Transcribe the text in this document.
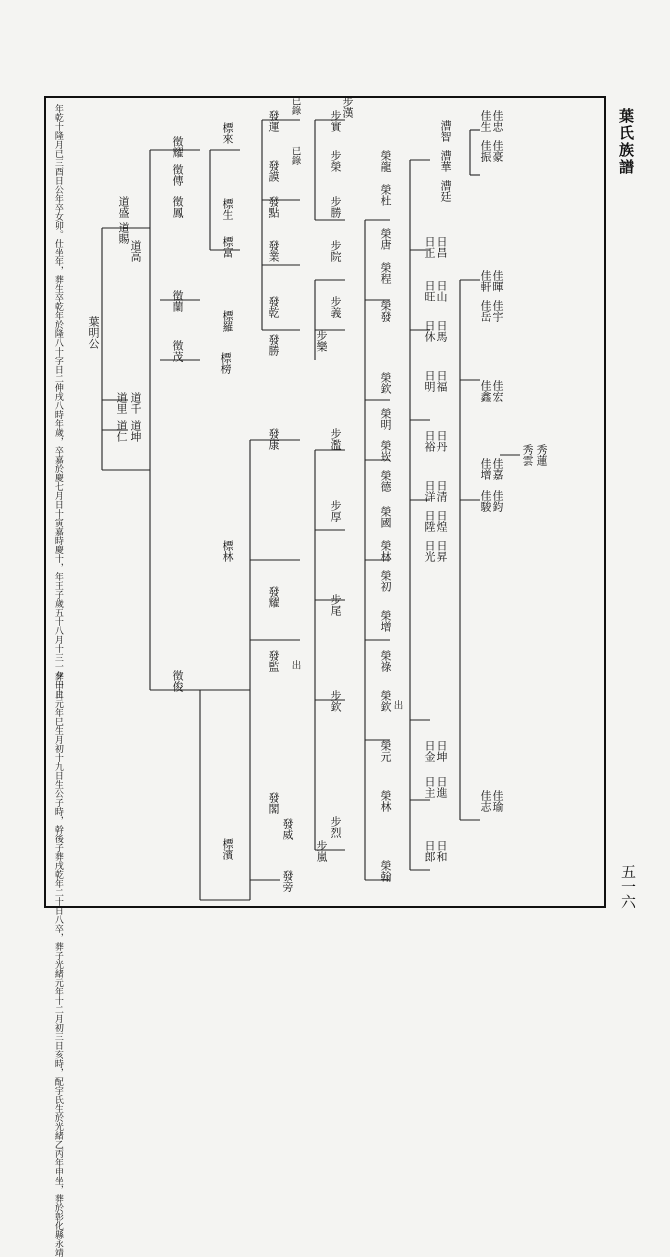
葉氏族譜
五一六
年乾十隆月已三酉日公年卒女卯。仕坐年，葬生卒乾年於隆八十字日二伸戌八時年歲，卒嘉於慶七月日十寅嘉時慶十，年王子歲五十八月十三一夕曰止
葬十日元年巳生月初十九日生公子時，幹後子葬戌乾年二十日八卒，葬子光緒元年十二月初三日亥時，配宇氏生於光緒乙丙年申坐，葬於彰化縣永靖
葉明公
道坤
道千
道里
道仁
道高
道賜
道盛
徵俊
徵茂
徵蘭
徵鳳
徵傳
徵耀
標榜
標羅
標富
標生
標來
標林
標濱
發勝
發乾
發業
發點
發謨
發運
發康
發耀
發監
發閣
發威
發旁
已錄
已錄
出
步濫
步厚
步尾
步欽
步烈
步嵐
步義
步樂
步院
步勝
步榮
步實
步漢
榮翰
榮林
榮元
榮欽
榮祿
榮增
榮初
榮林
榮國
榮德
榮崁
榮明
榮欽
榮發
榮程
榮唐
榮杜
榮龍
出
日郎 日和
日主 日進
日金 日坤
日光 日昇
日陞 日煌
日洋 日清
日裕 日丹
日明 日福
日休 日馬
日旺 日山
日正 日昌
佳志 佳瑜
佳駿 佳鈞
佳增 佳嘉
佳鑫 佳宏
佳岳 佳宇
佳軒 佳暉
佳生 佳忠
佳振 佳豪
漕智
漕華
漕廷
秀雲 秀蓮
